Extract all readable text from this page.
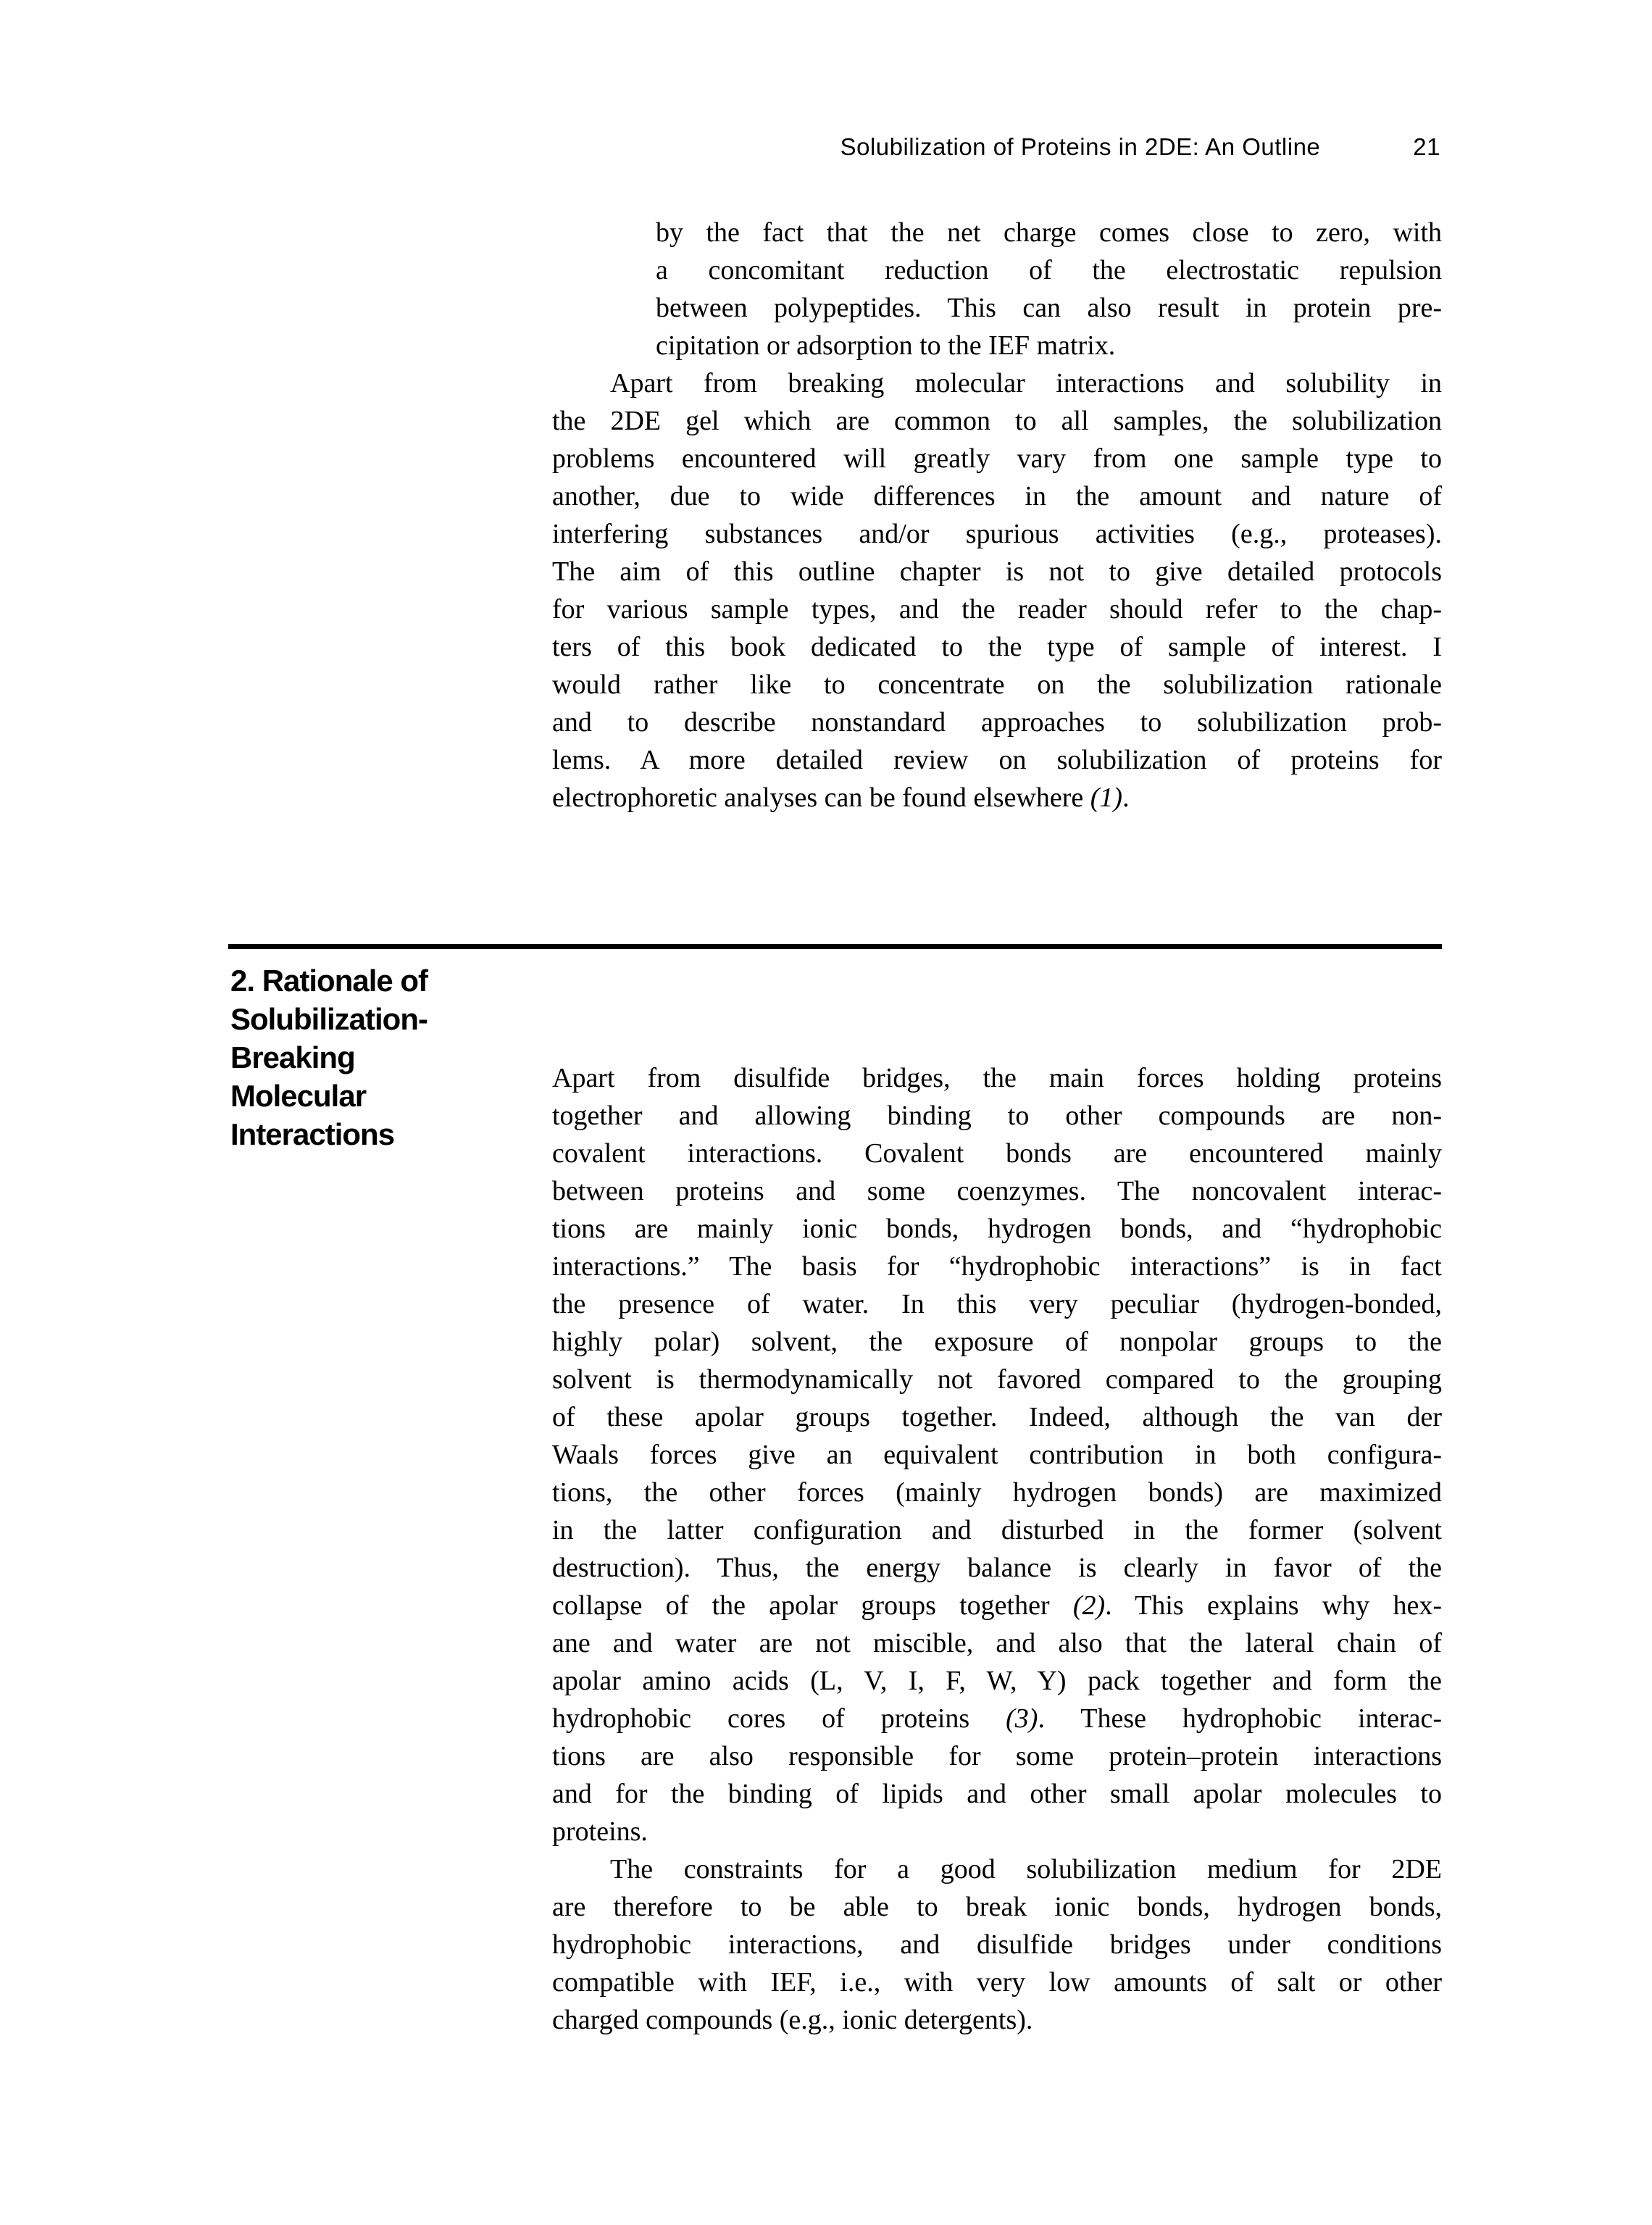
Solubilization of Proteins in 2DE: An Outline	21
by the fact that the net charge comes close to zero, with
a concomitant reduction of the electrostatic repulsion
between polypeptides. This can also result in protein pre-
cipitation or adsorption to the IEF matrix.
Apart from breaking molecular interactions and solubility in
the 2DE gel which are common to all samples, the solubilization
problems encountered will greatly vary from one sample type to
another, due to wide differences in the amount and nature of
interfering substances and/or spurious activities (e.g., proteases).
The aim of this outline chapter is not to give detailed protocols
for various sample types, and the reader should refer to the chap-
ters of this book dedicated to the type of sample of interest. I
would rather like to concentrate on the solubilization rationale
and to describe nonstandard approaches to solubilization prob-
lems. A more detailed review on solubilization of proteins for
electrophoretic analyses can be found elsewhere (1).
2. Rationale of
Solubilization-
Breaking
Molecular
Interactions
Apart from disulfide bridges, the main forces holding proteins
together and allowing binding to other compounds are non-
covalent interactions. Covalent bonds are encountered mainly
between proteins and some coenzymes. The noncovalent interac-
tions are mainly ionic bonds, hydrogen bonds, and “hydrophobic
interactions.” The basis for “hydrophobic interactions” is in fact
the presence of water. In this very peculiar (hydrogen-bonded,
highly polar) solvent, the exposure of nonpolar groups to the
solvent is thermodynamically not favored compared to the grouping
of these apolar groups together. Indeed, although the van der
Waals forces give an equivalent contribution in both configura-
tions, the other forces (mainly hydrogen bonds) are maximized
in the latter configuration and disturbed in the former (solvent
destruction). Thus, the energy balance is clearly in favor of the
collapse of the apolar groups together (2). This explains why hex-
ane and water are not miscible, and also that the lateral chain of
apolar amino acids (L, V, I, F, W, Y) pack together and form the
hydrophobic cores of proteins (3). These hydrophobic interac-
tions are also responsible for some protein–protein interactions
and for the binding of lipids and other small apolar molecules to
proteins.
The constraints for a good solubilization medium for 2DE
are therefore to be able to break ionic bonds, hydrogen bonds,
hydrophobic interactions, and disulfide bridges under conditions
compatible with IEF, i.e., with very low amounts of salt or other
charged compounds (e.g., ionic detergents).
